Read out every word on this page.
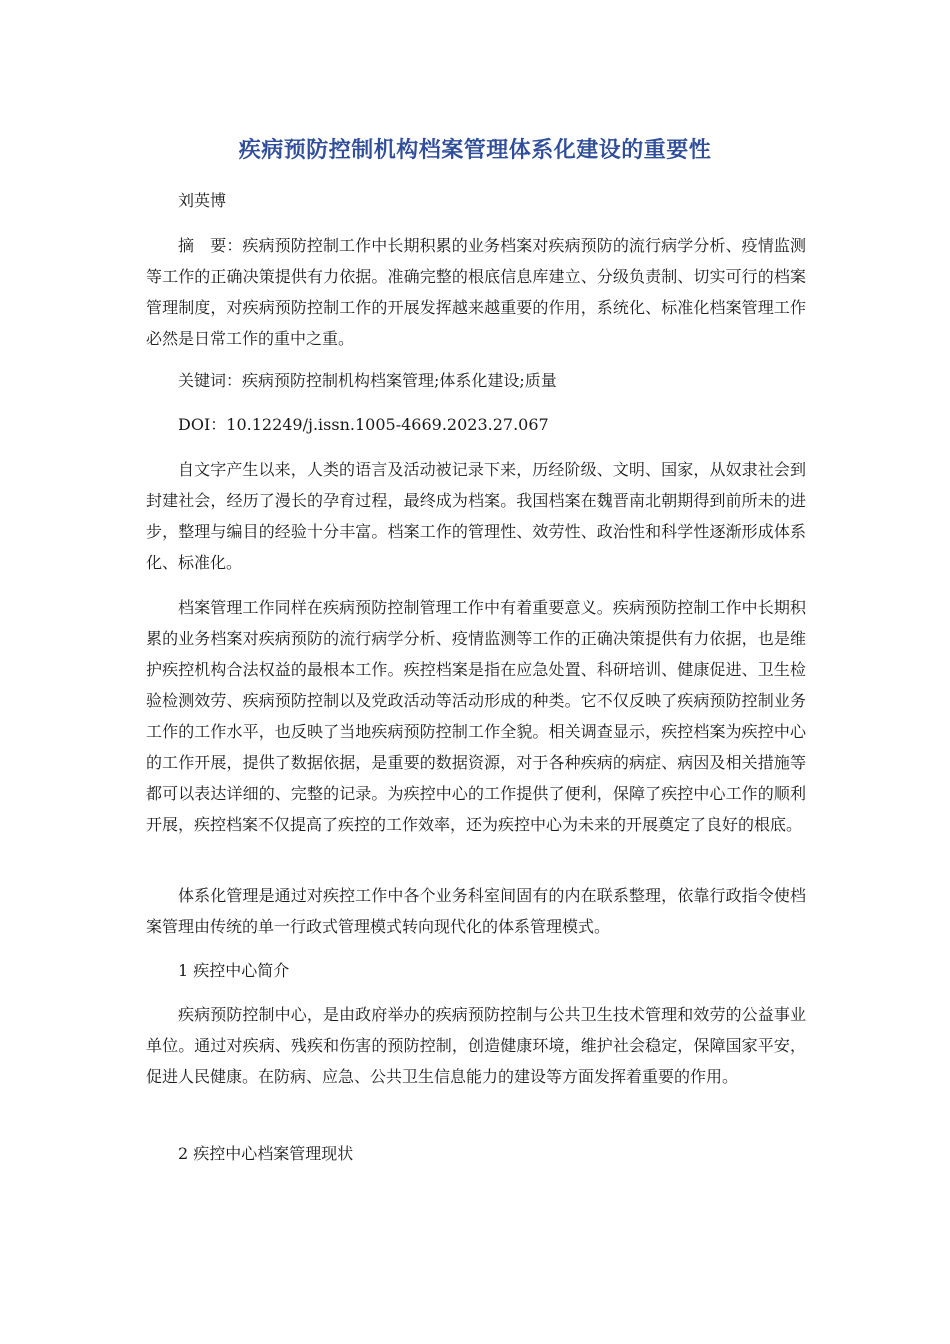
疾病预防控制机构档案管理体系化建设的重要性

刘英博

摘　要：疾病预防控制工作中长期积累的业务档案对疾病预防的流行病学分析、疫情监测等工作的正确决策提供有力依据。准确完整的根底信息库建立、分级负责制、切实可行的档案管理制度，对疾病预防控制工作的开展发挥越来越重要的作用，系统化、标准化档案管理工作必然是日常工作的重中之重。

关键词：疾病预防控制机构档案管理;体系化建设;质量

DOI：10.12249/j.issn.1005-4669.2023.27.067

自文字产生以来，人类的语言及活动被记录下来，历经阶级、文明、国家，从奴隶社会到封建社会，经历了漫长的孕育过程，最终成为档案。我国档案在魏晋南北朝期得到前所未的进步，整理与编目的经验十分丰富。档案工作的管理性、效劳性、政治性和科学性逐渐形成体系化、标准化。

档案管理工作同样在疾病预防控制管理工作中有着重要意义。疾病预防控制工作中长期积累的业务档案对疾病预防的流行病学分析、疫情监测等工作的正确决策提供有力依据，也是维护疾控机构合法权益的最根本工作。疾控档案是指在应急处置、科研培训、健康促进、卫生检验检测效劳、疾病预防控制以及党政活动等活动形成的种类。它不仅反映了疾病预防控制业务工作的工作水平，也反映了当地疾病预防控制工作全貌。相关调查显示，疾控档案为疾控中心的工作开展，提供了数据依据，是重要的数据资源，对于各种疾病的病症、病因及相关措施等都可以表达详细的、完整的记录。为疾控中心的工作提供了便利，保障了疾控中心工作的顺利开展，疾控档案不仅提高了疾控的工作效率，还为疾控中心为未来的开展奠定了良好的根底。

体系化管理是通过对疾控工作中各个业务科室间固有的内在联系整理，依靠行政指令使档案管理由传统的单一行政式管理模式转向现代化的体系管理模式。

1 疾控中心简介

疾病预防控制中心，是由政府举办的疾病预防控制与公共卫生技术管理和效劳的公益事业单位。通过对疾病、残疾和伤害的预防控制，创造健康环境，维护社会稳定，保障国家平安，促进人民健康。在防病、应急、公共卫生信息能力的建设等方面发挥着重要的作用。

2 疾控中心档案管理现状
